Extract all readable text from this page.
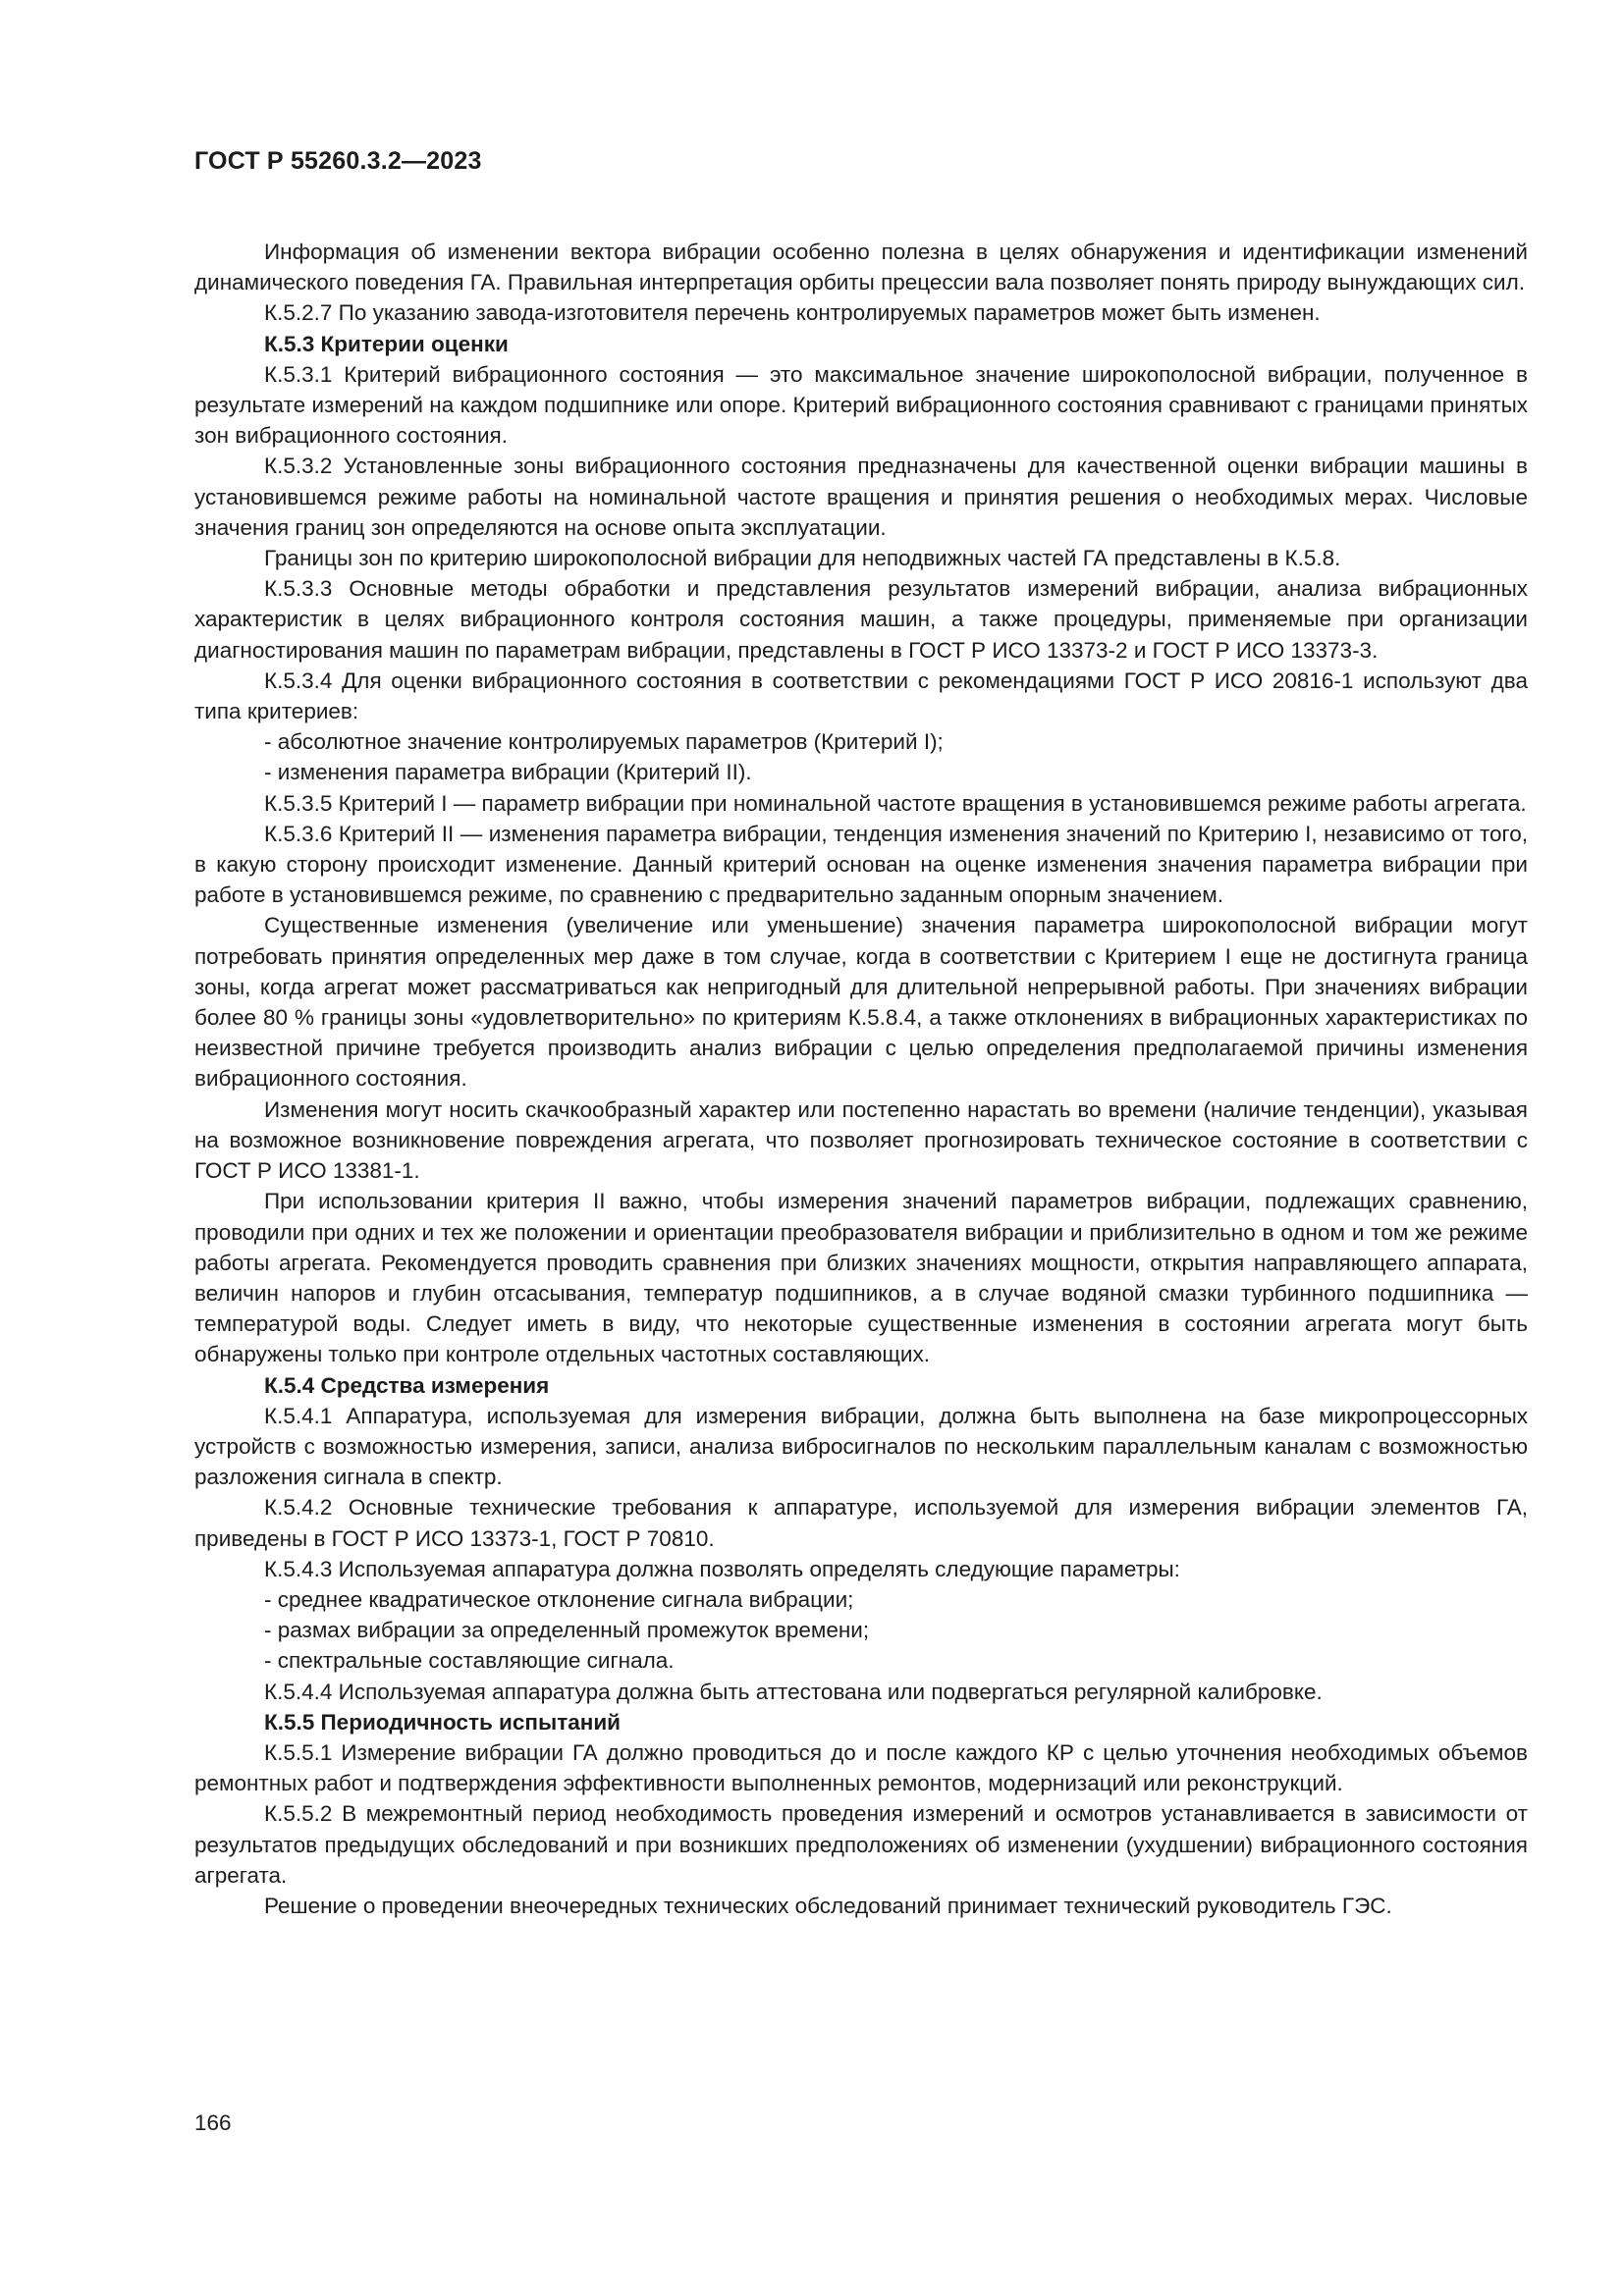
ГОСТ Р 55260.3.2—2023

Информация об изменении вектора вибрации особенно полезна в целях обнаружения и идентификации изменений динамического поведения ГА. Правильная интерпретация орбиты прецессии вала позволяет понять природу вынуждающих сил.

К.5.2.7 По указанию завода-изготовителя перечень контролируемых параметров может быть изменен.

К.5.3 Критерии оценки

К.5.3.1 Критерий вибрационного состояния — это максимальное значение широкополосной вибрации, полученное в результате измерений на каждом подшипнике или опоре. Критерий вибрационного состояния сравнивают с границами принятых зон вибрационного состояния.

К.5.3.2 Установленные зоны вибрационного состояния предназначены для качественной оценки вибрации машины в установившемся режиме работы на номинальной частоте вращения и принятия решения о необходимых мерах. Числовые значения границ зон определяются на основе опыта эксплуатации.

Границы зон по критерию широкополосной вибрации для неподвижных частей ГА представлены в К.5.8.

К.5.3.3 Основные методы обработки и представления результатов измерений вибрации, анализа вибрационных характеристик в целях вибрационного контроля состояния машин, а также процедуры, применяемые при организации диагностирования машин по параметрам вибрации, представлены в ГОСТ Р ИСО 13373-2 и ГОСТ Р ИСО 13373-3.

К.5.3.4 Для оценки вибрационного состояния в соответствии с рекомендациями ГОСТ Р ИСО 20816-1 используют два типа критериев:

- абсолютное значение контролируемых параметров (Критерий I);

- изменения параметра вибрации (Критерий II).

К.5.3.5 Критерий I — параметр вибрации при номинальной частоте вращения в установившемся режиме работы агрегата.

К.5.3.6 Критерий II — изменения параметра вибрации, тенденция изменения значений по Критерию I, независимо от того, в какую сторону происходит изменение. Данный критерий основан на оценке изменения значения параметра вибрации при работе в установившемся режиме, по сравнению с предварительно заданным опорным значением.

Существенные изменения (увеличение или уменьшение) значения параметра широкополосной вибрации могут потребовать принятия определенных мер даже в том случае, когда в соответствии с Критерием I еще не достигнута граница зоны, когда агрегат может рассматриваться как непригодный для длительной непрерывной работы. При значениях вибрации более 80 % границы зоны «удовлетворительно» по критериям К.5.8.4, а также отклонениях в вибрационных характеристиках по неизвестной причине требуется производить анализ вибрации с целью определения предполагаемой причины изменения вибрационного состояния.

Изменения могут носить скачкообразный характер или постепенно нарастать во времени (наличие тенденции), указывая на возможное возникновение повреждения агрегата, что позволяет прогнозировать техническое состояние в соответствии с ГОСТ Р ИСО 13381-1.

При использовании критерия II важно, чтобы измерения значений параметров вибрации, подлежащих сравнению, проводили при одних и тех же положении и ориентации преобразователя вибрации и приблизительно в одном и том же режиме работы агрегата. Рекомендуется проводить сравнения при близких значениях мощности, открытия направляющего аппарата, величин напоров и глубин отсасывания, температур подшипников, а в случае водяной смазки турбинного подшипника — температурой воды. Следует иметь в виду, что некоторые существенные изменения в состоянии агрегата могут быть обнаружены только при контроле отдельных частотных составляющих.

К.5.4 Средства измерения

К.5.4.1 Аппаратура, используемая для измерения вибрации, должна быть выполнена на базе микропроцессорных устройств с возможностью измерения, записи, анализа вибросигналов по нескольким параллельным каналам с возможностью разложения сигнала в спектр.

К.5.4.2 Основные технические требования к аппаратуре, используемой для измерения вибрации элементов ГА, приведены в ГОСТ Р ИСО 13373-1, ГОСТ Р 70810.

К.5.4.3 Используемая аппаратура должна позволять определять следующие параметры:

- среднее квадратическое отклонение сигнала вибрации;

- размах вибрации за определенный промежуток времени;

- спектральные составляющие сигнала.

К.5.4.4 Используемая аппаратура должна быть аттестована или подвергаться регулярной калибровке.

К.5.5 Периодичность испытаний

К.5.5.1 Измерение вибрации ГА должно проводиться до и после каждого КР с целью уточнения необходимых объемов ремонтных работ и подтверждения эффективности выполненных ремонтов, модернизаций или реконструкций.

К.5.5.2 В межремонтный период необходимость проведения измерений и осмотров устанавливается в зависимости от результатов предыдущих обследований и при возникших предположениях об изменении (ухудшении) вибрационного состояния агрегата.

Решение о проведении внеочередных технических обследований принимает технический руководитель ГЭС.

166
